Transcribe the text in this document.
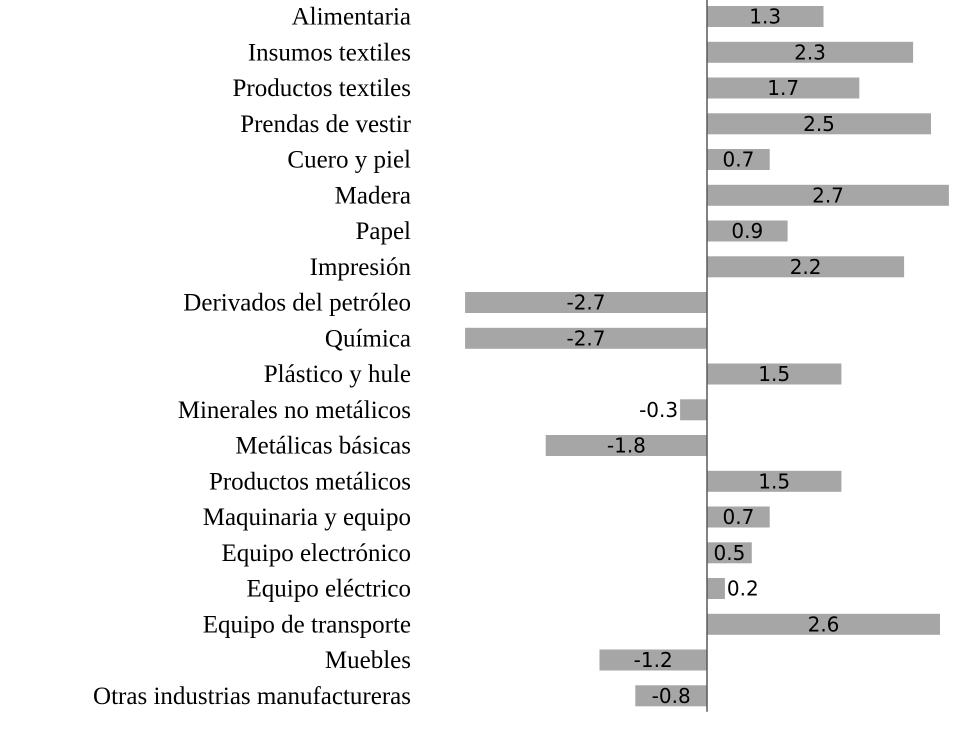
Alimentaria
Insumos textiles
Productos textiles
Prendas de vestir
Cuero y piel
Madera
Papel
Impresión
Derivados del petróleo
Química
Plástico y hule
Minerales no metálicos
Metálicas básicas
Productos metálicos
Maquinaria y equipo
Equipo electrónico
Equipo eléctrico
Equipo de transporte
Muebles
Otras industrias manufactureras
1.3
2.3
1.7
2.5
0.7
2.7
0.9
2.2
-2.7
-2.7
1.5
-0.3
-1.8
1.5
0.7
0.5
0.2
2.6
-1.2
-0.8
